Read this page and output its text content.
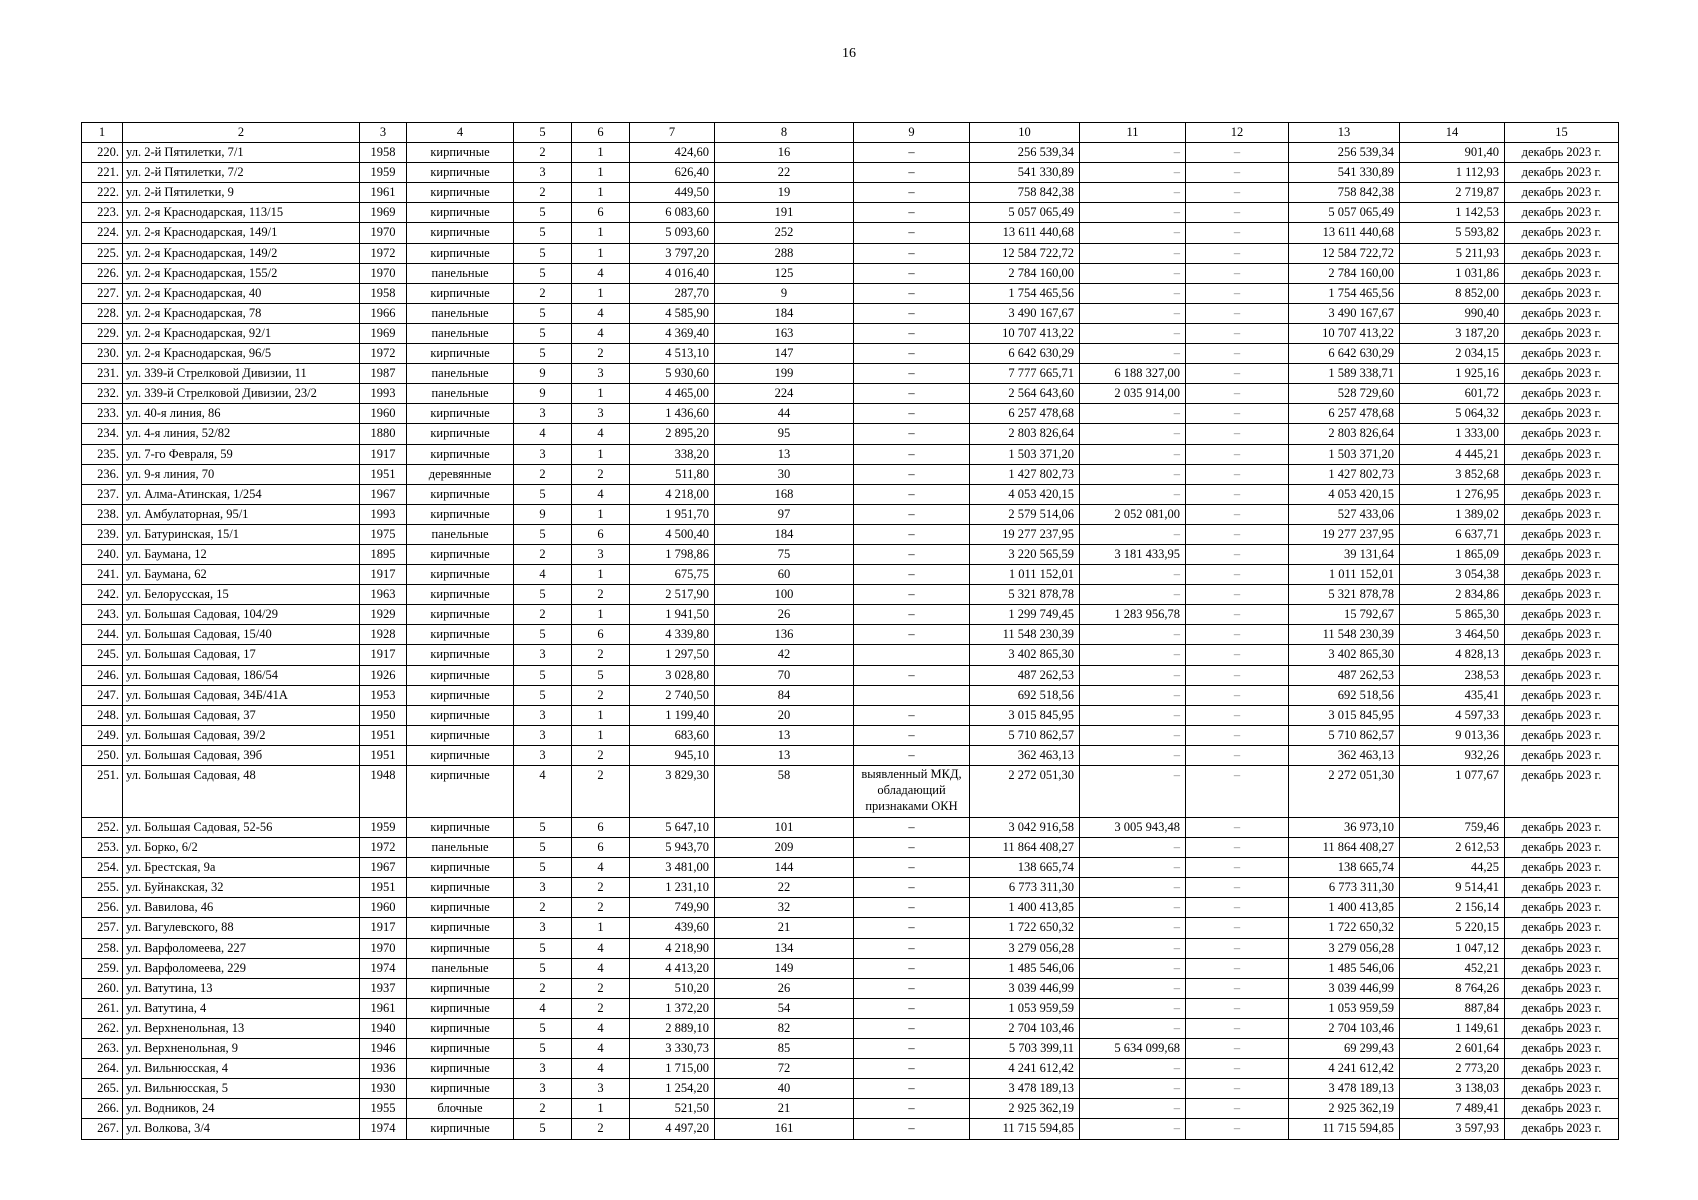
16
1	2	3	4	5	6	7	8	9	10	11	12	13	14	15
220.	ул. 2-й Пятилетки, 7/1	1958	кирпичные	2	1	424,60	16	–	256 539,34	–	–	256 539,34	901,40	декабрь 2023 г.
221.	ул. 2-й Пятилетки, 7/2	1959	кирпичные	3	1	626,40	22	–	541 330,89	–	–	541 330,89	1 112,93	декабрь 2023 г.
222.	ул. 2-й Пятилетки, 9	1961	кирпичные	2	1	449,50	19	–	758 842,38	–	–	758 842,38	2 719,87	декабрь 2023 г.
223.	ул. 2-я Краснодарская, 113/15	1969	кирпичные	5	6	6 083,60	191	–	5 057 065,49	–	–	5 057 065,49	1 142,53	декабрь 2023 г.
224.	ул. 2-я Краснодарская, 149/1	1970	кирпичные	5	1	5 093,60	252	–	13 611 440,68	–	–	13 611 440,68	5 593,82	декабрь 2023 г.
225.	ул. 2-я Краснодарская, 149/2	1972	кирпичные	5	1	3 797,20	288	–	12 584 722,72	–	–	12 584 722,72	5 211,93	декабрь 2023 г.
226.	ул. 2-я Краснодарская, 155/2	1970	панельные	5	4	4 016,40	125	–	2 784 160,00	–	–	2 784 160,00	1 031,86	декабрь 2023 г.
227.	ул. 2-я Краснодарская, 40	1958	кирпичные	2	1	287,70	9	–	1 754 465,56	–	–	1 754 465,56	8 852,00	декабрь 2023 г.
228.	ул. 2-я Краснодарская, 78	1966	панельные	5	4	4 585,90	184	–	3 490 167,67	–	–	3 490 167,67	990,40	декабрь 2023 г.
229.	ул. 2-я Краснодарская, 92/1	1969	панельные	5	4	4 369,40	163	–	10 707 413,22	–	–	10 707 413,22	3 187,20	декабрь 2023 г.
230.	ул. 2-я Краснодарская, 96/5	1972	кирпичные	5	2	4 513,10	147	–	6 642 630,29	–	–	6 642 630,29	2 034,15	декабрь 2023 г.
231.	ул. 339-й Стрелковой Дивизии, 11	1987	панельные	9	3	5 930,60	199	–	7 777 665,71	6 188 327,00	–	1 589 338,71	1 925,16	декабрь 2023 г.
232.	ул. 339-й Стрелковой Дивизии, 23/2	1993	панельные	9	1	4 465,00	224	–	2 564 643,60	2 035 914,00	–	528 729,60	601,72	декабрь 2023 г.
233.	ул. 40-я линия, 86	1960	кирпичные	3	3	1 436,60	44	–	6 257 478,68	–	–	6 257 478,68	5 064,32	декабрь 2023 г.
234.	ул. 4-я линия, 52/82	1880	кирпичные	4	4	2 895,20	95	–	2 803 826,64	–	–	2 803 826,64	1 333,00	декабрь 2023 г.
235.	ул. 7-го Февраля, 59	1917	кирпичные	3	1	338,20	13	–	1 503 371,20	–	–	1 503 371,20	4 445,21	декабрь 2023 г.
236.	ул. 9-я линия, 70	1951	деревянные	2	2	511,80	30	–	1 427 802,73	–	–	1 427 802,73	3 852,68	декабрь 2023 г.
237.	ул. Алма-Атинская, 1/254	1967	кирпичные	5	4	4 218,00	168	–	4 053 420,15	–	–	4 053 420,15	1 276,95	декабрь 2023 г.
238.	ул. Амбулаторная, 95/1	1993	кирпичные	9	1	1 951,70	97	–	2 579 514,06	2 052 081,00	–	527 433,06	1 389,02	декабрь 2023 г.
239.	ул. Батуринская, 15/1	1975	панельные	5	6	4 500,40	184	–	19 277 237,95	–	–	19 277 237,95	6 637,71	декабрь 2023 г.
240.	ул. Баумана, 12	1895	кирпичные	2	3	1 798,86	75	–	3 220 565,59	3 181 433,95	–	39 131,64	1 865,09	декабрь 2023 г.
241.	ул. Баумана, 62	1917	кирпичные	4	1	675,75	60	–	1 011 152,01	–	–	1 011 152,01	3 054,38	декабрь 2023 г.
242.	ул. Белорусская, 15	1963	кирпичные	5	2	2 517,90	100	–	5 321 878,78	–	–	5 321 878,78	2 834,86	декабрь 2023 г.
243.	ул. Большая Садовая, 104/29	1929	кирпичные	2	1	1 941,50	26	–	1 299 749,45	1 283 956,78	–	15 792,67	5 865,30	декабрь 2023 г.
244.	ул. Большая Садовая, 15/40	1928	кирпичные	5	6	4 339,80	136	–	11 548 230,39	–	–	11 548 230,39	3 464,50	декабрь 2023 г.
245.	ул. Большая Садовая, 17	1917	кирпичные	3	2	1 297,50	42		3 402 865,30	–	–	3 402 865,30	4 828,13	декабрь 2023 г.
246.	ул. Большая Садовая, 186/54	1926	кирпичные	5	5	3 028,80	70	–	487 262,53	–	–	487 262,53	238,53	декабрь 2023 г.
247.	ул. Большая Садовая, 34Б/41А	1953	кирпичные	5	2	2 740,50	84		692 518,56	–	–	692 518,56	435,41	декабрь 2023 г.
248.	ул. Большая Садовая, 37	1950	кирпичные	3	1	1 199,40	20	–	3 015 845,95	–	–	3 015 845,95	4 597,33	декабрь 2023 г.
249.	ул. Большая Садовая, 39/2	1951	кирпичные	3	1	683,60	13	–	5 710 862,57	–	–	5 710 862,57	9 013,36	декабрь 2023 г.
250.	ул. Большая Садовая, 39б	1951	кирпичные	3	2	945,10	13	–	362 463,13	–	–	362 463,13	932,26	декабрь 2023 г.
251.	ул. Большая Садовая, 48	1948	кирпичные	4	2	3 829,30	58	выявленный МКД, обладающий признаками ОКН	2 272 051,30	–	–	2 272 051,30	1 077,67	декабрь 2023 г.
252.	ул. Большая Садовая, 52-56	1959	кирпичные	5	6	5 647,10	101	–	3 042 916,58	3 005 943,48	–	36 973,10	759,46	декабрь 2023 г.
253.	ул. Борко, 6/2	1972	панельные	5	6	5 943,70	209	–	11 864 408,27	–	–	11 864 408,27	2 612,53	декабрь 2023 г.
254.	ул. Брестская, 9а	1967	кирпичные	5	4	3 481,00	144	–	138 665,74	–	–	138 665,74	44,25	декабрь 2023 г.
255.	ул. Буйнакская, 32	1951	кирпичные	3	2	1 231,10	22	–	6 773 311,30	–	–	6 773 311,30	9 514,41	декабрь 2023 г.
256.	ул. Вавилова, 46	1960	кирпичные	2	2	749,90	32	–	1 400 413,85	–	–	1 400 413,85	2 156,14	декабрь 2023 г.
257.	ул. Вагулевского, 88	1917	кирпичные	3	1	439,60	21	–	1 722 650,32	–	–	1 722 650,32	5 220,15	декабрь 2023 г.
258.	ул. Варфоломеева, 227	1970	кирпичные	5	4	4 218,90	134	–	3 279 056,28	–	–	3 279 056,28	1 047,12	декабрь 2023 г.
259.	ул. Варфоломеева, 229	1974	панельные	5	4	4 413,20	149	–	1 485 546,06	–	–	1 485 546,06	452,21	декабрь 2023 г.
260.	ул. Ватутина, 13	1937	кирпичные	2	2	510,20	26	–	3 039 446,99	–	–	3 039 446,99	8 764,26	декабрь 2023 г.
261.	ул. Ватутина, 4	1961	кирпичные	4	2	1 372,20	54	–	1 053 959,59	–	–	1 053 959,59	887,84	декабрь 2023 г.
262.	ул. Верхненольная, 13	1940	кирпичные	5	4	2 889,10	82	–	2 704 103,46	–	–	2 704 103,46	1 149,61	декабрь 2023 г.
263.	ул. Верхненольная, 9	1946	кирпичные	5	4	3 330,73	85	–	5 703 399,11	5 634 099,68	–	69 299,43	2 601,64	декабрь 2023 г.
264.	ул. Вильнюсская, 4	1936	кирпичные	3	4	1 715,00	72	–	4 241 612,42	–	–	4 241 612,42	2 773,20	декабрь 2023 г.
265.	ул. Вильнюсская, 5	1930	кирпичные	3	3	1 254,20	40	–	3 478 189,13	–	–	3 478 189,13	3 138,03	декабрь 2023 г.
266.	ул. Водников, 24	1955	блочные	2	1	521,50	21	–	2 925 362,19	–	–	2 925 362,19	7 489,41	декабрь 2023 г.
267.	ул. Волкова, 3/4	1974	кирпичные	5	2	4 497,20	161	–	11 715 594,85	–	–	11 715 594,85	3 597,93	декабрь 2023 г.
